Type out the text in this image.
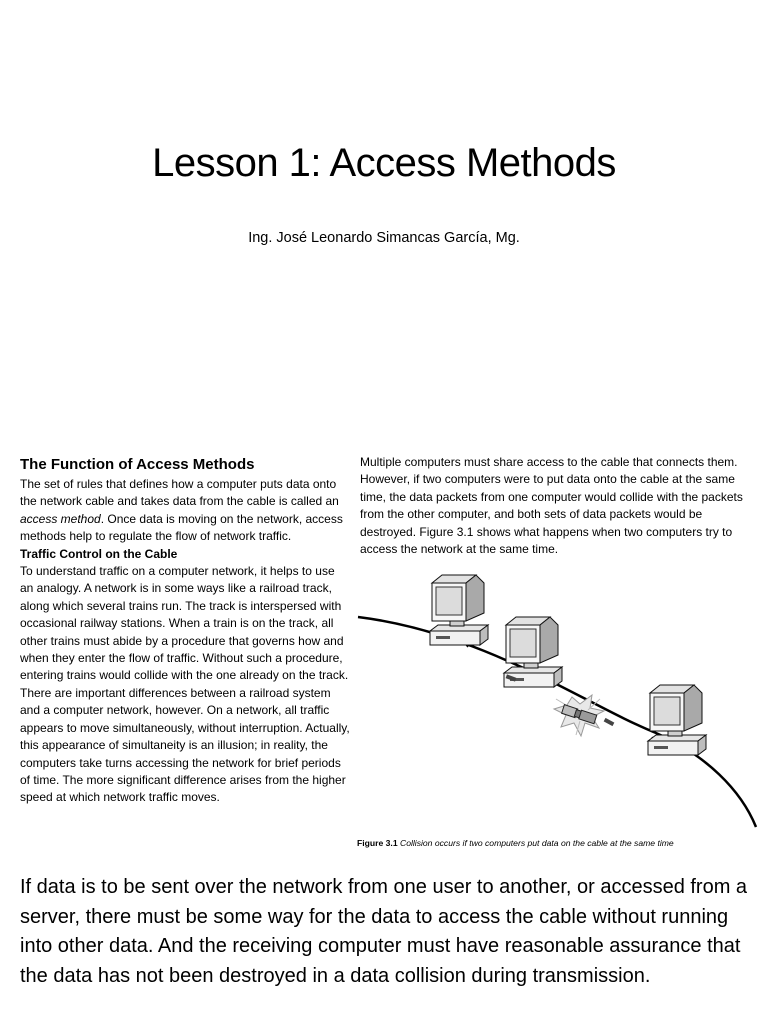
Lesson 1: Access Methods
Ing. José Leonardo Simancas García, Mg.
The Function of Access Methods

The set of rules that defines how a computer puts data onto the network cable and takes data from the cable is called an access method. Once data is moving on the network, access methods help to regulate the flow of network traffic.

Traffic Control on the Cable

To understand traffic on a computer network, it helps to use an analogy. A network is in some ways like a railroad track, along which several trains run. The track is interspersed with occasional railway stations. When a train is on the track, all other trains must abide by a procedure that governs how and when they enter the flow of traffic. Without such a procedure, entering trains would collide with the one already on the track. There are important differences between a railroad system and a computer network, however. On a network, all traffic appears to move simultaneously, without interruption. Actually, this appearance of simultaneity is an illusion; in reality, the computers take turns accessing the network for brief periods of time. The more significant difference arises from the higher speed at which network traffic moves.

Multiple computers must share access to the cable that connects them. However, if two computers were to put data onto the cable at the same time, the data packets from one computer would collide with the packets from the other computer, and both sets of data packets would be destroyed. Figure 3.1 shows what happens when two computers try to access the network at the same time.
Figure 3.1 Collision occurs if two computers put data on the cable at the same time
If data is to be sent over the network from one user to another, or accessed from a server, there must be some way for the data to access the cable without running into other data. And the receiving computer must have reasonable assurance that the data has not been destroyed in a data collision during transmission.
